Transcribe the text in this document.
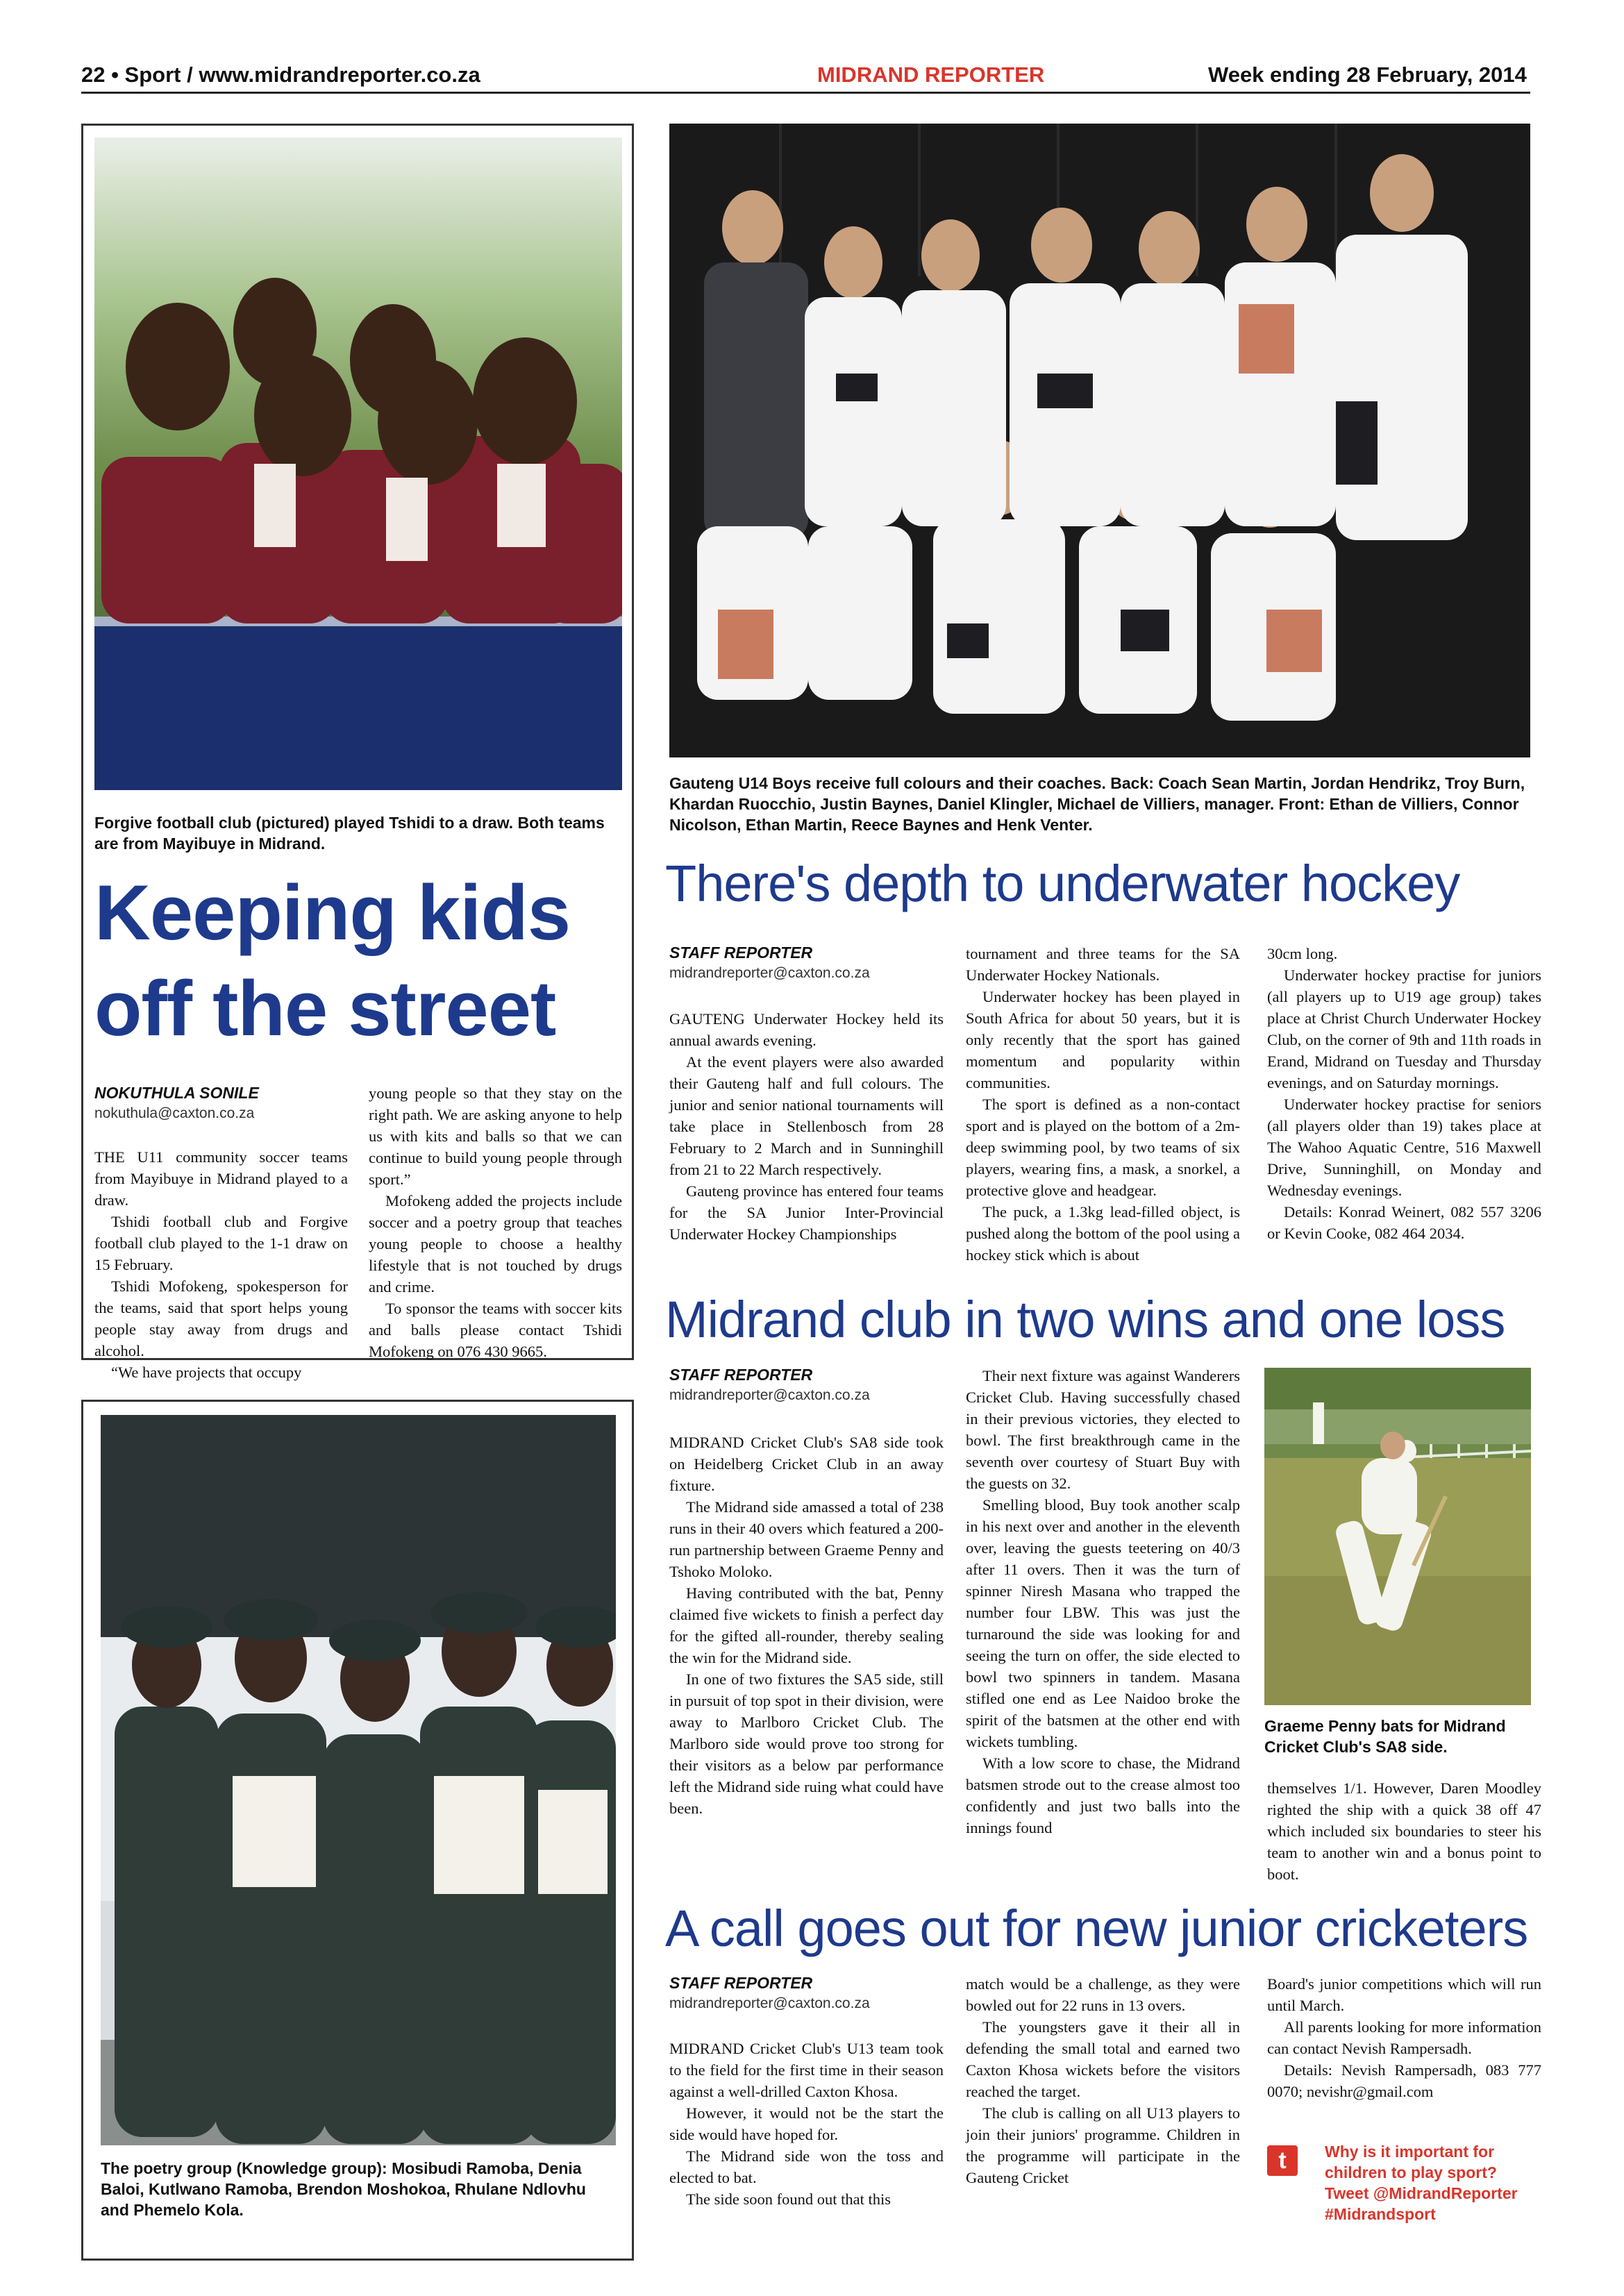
22 • Sport / www.midrandreporter.co.za	MIDRAND REPORTER	Week ending 28 February, 2014
Forgive football club (pictured) played Tshidi to a draw. Both teams are from Mayibuye in Midrand.
Keeping kids off the street
NOKUTHULA SONILE
nokuthula@caxton.co.za

THE U11 community soccer teams from Mayibuye in Midrand played to a draw.

Tshidi football club and Forgive football club played to the 1-1 draw on 15 February.

Tshidi Mofokeng, spokesperson for the teams, said that sport helps young people stay away from drugs and alcohol.

“We have projects that occupy

young people so that they stay on the right path. We are asking anyone to help us with kits and balls so that we can continue to build young people through sport.”

Mofokeng added the projects include soccer and a poetry group that teaches young people to choose a healthy lifestyle that is not touched by drugs and crime.

To sponsor the teams with soccer kits and balls please contact Tshidi Mofokeng on 076 430 9665.

The poetry group (Knowledge group): Mosibudi Ramoba, Denia Baloi, Kutlwano Ramoba, Brendon Moshokoa, Rhulane Ndlovhu and Phemelo Kola.
Gauteng U14 Boys receive full colours and their coaches. Back: Coach Sean Martin, Jordan Hendrikz, Troy Burn, Khardan Ruocchio, Justin Baynes, Daniel Klingler, Michael de Villiers, manager. Front: Ethan de Villiers, Connor Nicolson, Ethan Martin, Reece Baynes and Henk Venter.
There's depth to underwater hockey
STAFF REPORTER
midrandreporter@caxton.co.za

GAUTENG Underwater Hockey held its annual awards evening.

At the event players were also awarded their Gauteng half and full colours. The junior and senior national tournaments will take place in Stellenbosch from 28 February to 2 March and in Sunninghill from 21 to 22 March respectively.

Gauteng province has entered four teams for the SA Junior Inter-Provincial Underwater Hockey Championships

tournament and three teams for the SA Underwater Hockey Nationals.

Underwater hockey has been played in South Africa for about 50 years, but it is only recently that the sport has gained momentum and popularity within communities.

The sport is defined as a non-contact sport and is played on the bottom of a 2m-deep swimming pool, by two teams of six players, wearing fins, a mask, a snorkel, a protective glove and headgear.

The puck, a 1.3kg lead-filled object, is pushed along the bottom of the pool using a hockey stick which is about

30cm long.

Underwater hockey practise for juniors (all players up to U19 age group) takes place at Christ Church Underwater Hockey Club, on the corner of 9th and 11th roads in Erand, Midrand on Tuesday and Thursday evenings, and on Saturday mornings.

Underwater hockey practise for seniors (all players older than 19) takes place at The Wahoo Aquatic Centre, 516 Maxwell Drive, Sunninghill, on Monday and Wednesday evenings.

Details: Konrad Weinert, 082 557 3206 or Kevin Cooke, 082 464 2034.

Midrand club in two wins and one loss
STAFF REPORTER
midrandreporter@caxton.co.za

MIDRAND Cricket Club's SA8 side took on Heidelberg Cricket Club in an away fixture.

The Midrand side amassed a total of 238 runs in their 40 overs which featured a 200-run partnership between Graeme Penny and Tshoko Moloko.

Having contributed with the bat, Penny claimed five wickets to finish a perfect day for the gifted all-rounder, thereby sealing the win for the Midrand side.

In one of two fixtures the SA5 side, still in pursuit of top spot in their division, were away to Marlboro Cricket Club. The Marlboro side would prove too strong for their visitors as a below par performance left the Midrand side ruing what could have been.

Their next fixture was against Wanderers Cricket Club. Having successfully chased in their previous victories, they elected to bowl. The first breakthrough came in the seventh over courtesy of Stuart Buy with the guests on 32.

Smelling blood, Buy took another scalp in his next over and another in the eleventh over, leaving the guests teetering on 40/3 after 11 overs. Then it was the turn of spinner Niresh Masana who trapped the number four LBW. This was just the turnaround the side was looking for and seeing the turn on offer, the side elected to bowl two spinners in tandem. Masana stifled one end as Lee Naidoo broke the spirit of the batsmen at the other end with wickets tumbling.

With a low score to chase, the Midrand batsmen strode out to the crease almost too confidently and just two balls into the innings found

Graeme Penny bats for Midrand Cricket Club's SA8 side.

themselves 1/1. However, Daren Moodley righted the ship with a quick 38 off 47 which included six boundaries to steer his team to another win and a bonus point to boot.

A call goes out for new junior cricketers
STAFF REPORTER
midrandreporter@caxton.co.za

MIDRAND Cricket Club's U13 team took to the field for the first time in their season against a well-drilled Caxton Khosa.

However, it would not be the start the side would have hoped for.

The Midrand side won the toss and elected to bat.

The side soon found out that this

match would be a challenge, as they were bowled out for 22 runs in 13 overs.

The youngsters gave it their all in defending the small total and earned two Caxton Khosa wickets before the visitors reached the target.

The club is calling on all U13 players to join their juniors' programme. Children in the programme will participate in the Gauteng Cricket

Board's junior competitions which will run until March.

All parents looking for more information can contact Nevish Rampersadh.

Details: Nevish Rampersadh, 083 777 0070; nevishr@gmail.com

t	Why is it important for
children to play sport?
Tweet @MidrandReporter
#Midrandsport
